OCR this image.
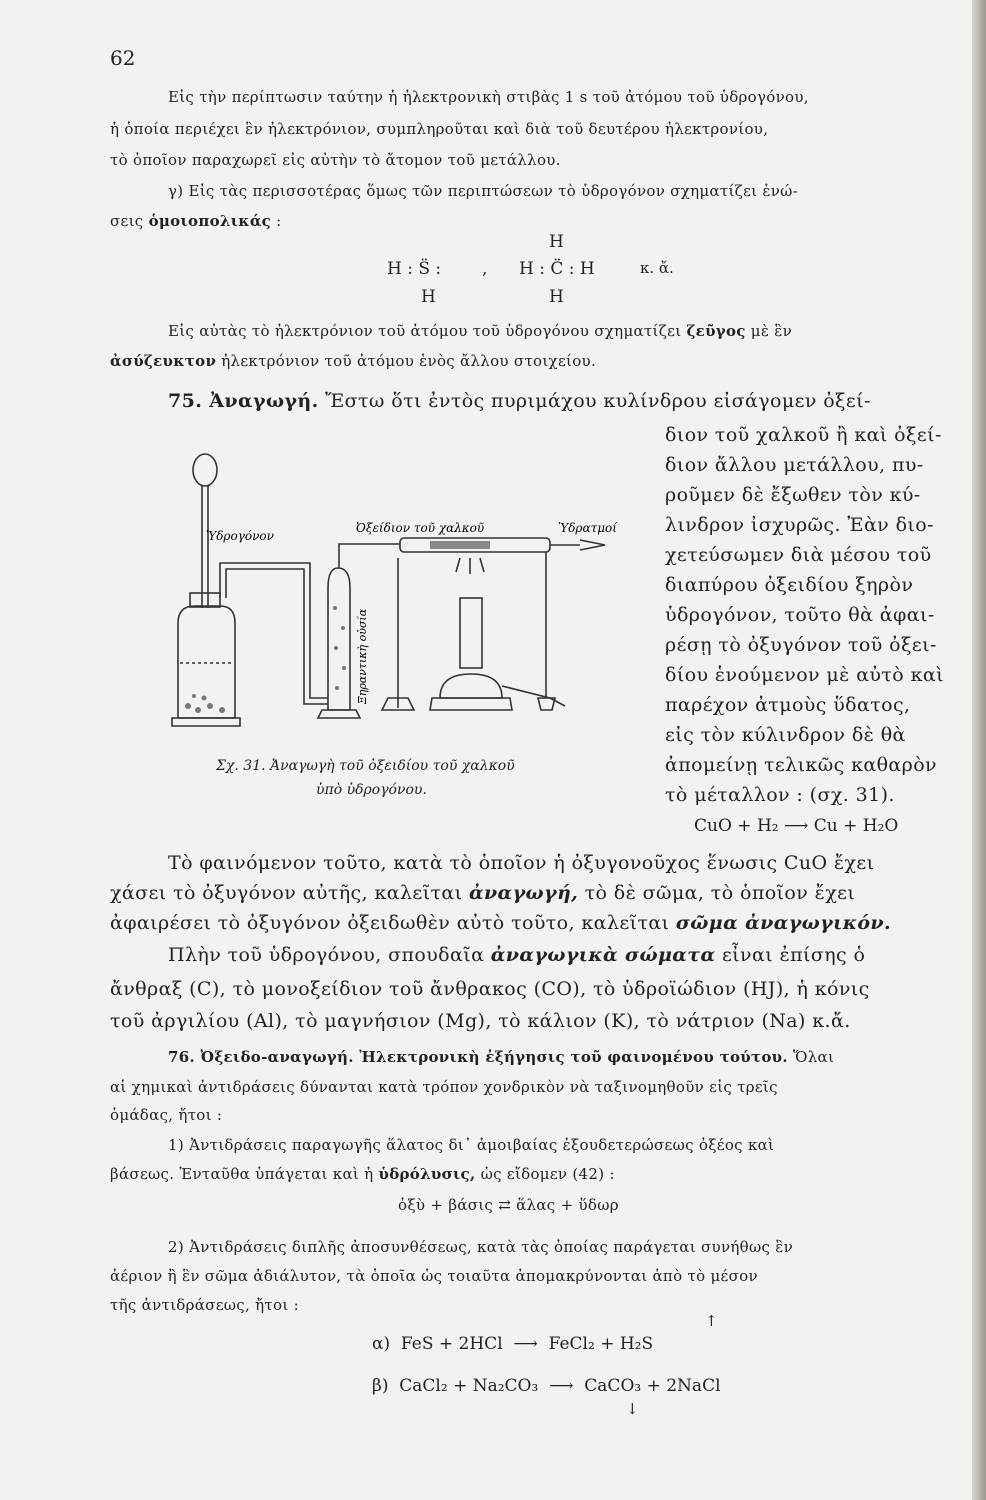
62
Εἰς τὴν περίπτωσιν ταύτην ἡ ἠλεκτρονικὴ στιβὰς 1 s τοῦ ἀτόμου τοῦ ὑδρογόνου,
ἡ ὁποία περιέχει ἓν ἠλεκτρόνιον, συμπληροῦται καὶ διὰ τοῦ δευτέρου ἠλεκτρονίου,
τὸ ὁποῖον παραχωρεῖ εἰς αὐτὴν τὸ ἄτομον τοῦ μετάλλου.
γ) Εἰς τὰς περισσοτέρας ὅμως τῶν περιπτώσεων τὸ ὑδρογόνον σχηματίζει ἑνώ-
σεις ὁμοιοπολικάς :
H
H : S̈ : , H : C̈ : H	κ. ἄ.
H	H
Εἰς αὐτὰς τὸ ἠλεκτρόνιον τοῦ ἀτόμου τοῦ ὑδρογόνου σχηματίζει ζεῦγος μὲ ἓν
ἀσύζευκτον ἠλεκτρόνιον τοῦ ἀτόμου ἑνὸς ἄλλου στοιχείου.
75. Ἀναγωγή. Ἔστω ὅτι ἐντὸς πυριμάχου κυλίνδρου εἰσάγομεν ὀξεί-
διον τοῦ χαλκοῦ ἢ καὶ ὀξεί-
διον ἄλλου μετάλλου, πυ-
ροῦμεν δὲ ἔξωθεν τὸν κύ-
λινδρον ἰσχυρῶς. Ἐὰν διο-
χετεύσωμεν διὰ μέσου τοῦ
διαπύρου ὀξειδίου ξηρὸν
ὑδρογόνον, τοῦτο θὰ ἀφαι-
ρέσῃ τὸ ὀξυγόνον τοῦ ὀξει-
δίου ἑνούμενον μὲ αὐτὸ καὶ
παρέχον ἀτμοὺς ὕδατος,
εἰς τὸν κύλινδρον δὲ θὰ
ἀπομείνῃ τελικῶς καθαρὸν
τὸ μέταλλον : (σχ. 31).
CuO + H₂ ⟶ Cu + H₂O
Ὑδρογόνον
Ὀξείδιον τοῦ χαλκοῦ	Ὑδρατμοί
Ξηραντικὴ οὐσία
Σχ. 31. Ἀναγωγὴ τοῦ ὀξειδίου τοῦ χαλκοῦ
ὑπὸ ὑδρογόνου.
Τὸ φαινόμενον τοῦτο, κατὰ τὸ ὁποῖον ἡ ὀξυγονοῦχος ἕνωσις CuO ἔχει
χάσει τὸ ὀξυγόνον αὐτῆς, καλεῖται ἀναγωγή, τὸ δὲ σῶμα, τὸ ὁποῖον ἔχει
ἀφαιρέσει τὸ ὀξυγόνον ὀξειδωθὲν αὐτὸ τοῦτο, καλεῖται σῶμα ἀναγωγικόν.
Πλὴν τοῦ ὑδρογόνου, σπουδαῖα ἀναγωγικὰ σώματα εἶναι ἐπίσης ὁ
ἄνθραξ (C), τὸ μονοξείδιον τοῦ ἄνθρακος (CO), τὸ ὑδροϊώδιον (HJ), ἡ κόνις
τοῦ ἀργιλίου (Al), τὸ μαγνήσιον (Mg), τὸ κάλιον (K), τὸ νάτριον (Na) κ.ἄ.
76. Ὀξειδο-αναγωγή. Ἠλεκτρονικὴ ἐξήγησις τοῦ φαινομένου τούτου. Ὅλαι
αἱ χημικαὶ ἀντιδράσεις δύνανται κατὰ τρόπον χονδρικὸν νὰ ταξινομηθοῦν εἰς τρεῖς
ὁμάδας, ἤτοι :
1) Ἀντιδράσεις παραγωγῆς ἅλατος δι᾿ ἀμοιβαίας ἐξουδετερώσεως ὀξέος καὶ
βάσεως. Ἐνταῦθα ὑπάγεται καὶ ἡ ὑδρόλυσις, ὡς εἴδομεν (42) :
ὀξὺ + βάσις ⇄ ἅλας + ὕδωρ
2) Ἀντιδράσεις διπλῆς ἀποσυνθέσεως, κατὰ τὰς ὁποίας παράγεται συνήθως ἓν
ἀέριον ἢ ἓν σῶμα ἀδιάλυτον, τὰ ὁποῖα ὡς τοιαῦτα ἀπομακρύνονται ἀπὸ τὸ μέσον
τῆς ἀντιδράσεως, ἤτοι :
↑
α)  FeS + 2HCl  ⟶  FeCl₂ + H₂S
β)  CaCl₂ + Na₂CO₃  ⟶  CaCO₃ + 2NaCl
↓
